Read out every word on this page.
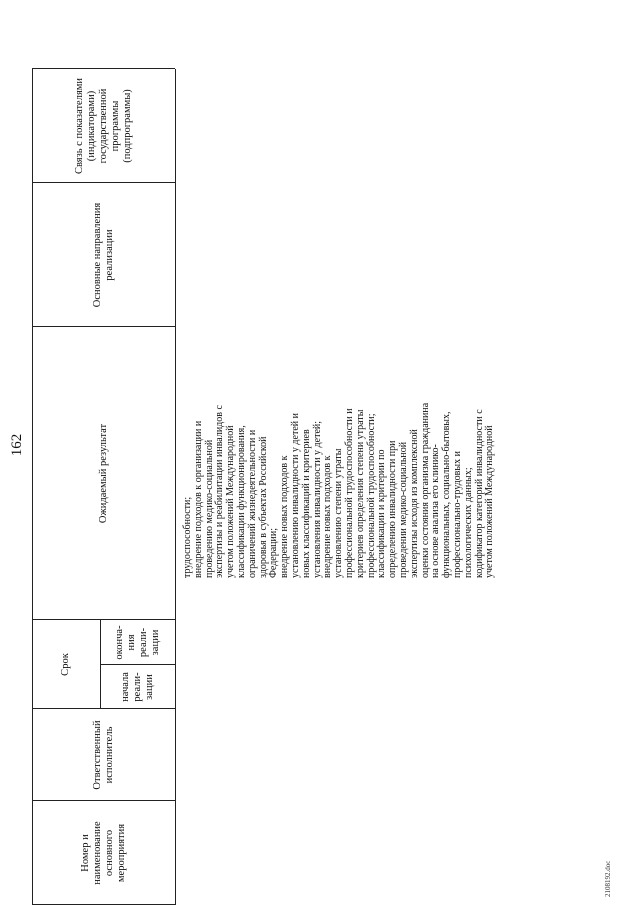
162
Номер и наименование основного мероприятия
Ответственный исполнитель
Срок
начала реали- зации
оконча- ния реали- зации
Ожидаемый результат
Основные направления реализации
Связь с показателями (индикаторами) государственной программы (подпрограммы)
трудоспособности; внедрение подходов к организации и проведению медико-социальной экспертизы и реабилитации инвалидов с учетом положений Международной классификации функционирования, ограничений жизнедеятельности и здоровья в субъектах Российской Федерации; внедрение новых подходов к установлению инвалидности у детей и новых классификаций и критериев установления инвалидности у детей; внедрение новых подходов к установлению степени утраты профессиональной трудоспособности и критериев определения степени утраты профессиональной трудоспособности; классификации и критерии по определению инвалидности при проведении медико-социальной экспертизы исходя из комплексной оценки состояния организма гражданина на основе анализа его клинико- функциональных, социально-бытовых, профессионально-трудовых и психологических данных; кодификатор категорий инвалидности с учетом положений Международной
2108192.doc
